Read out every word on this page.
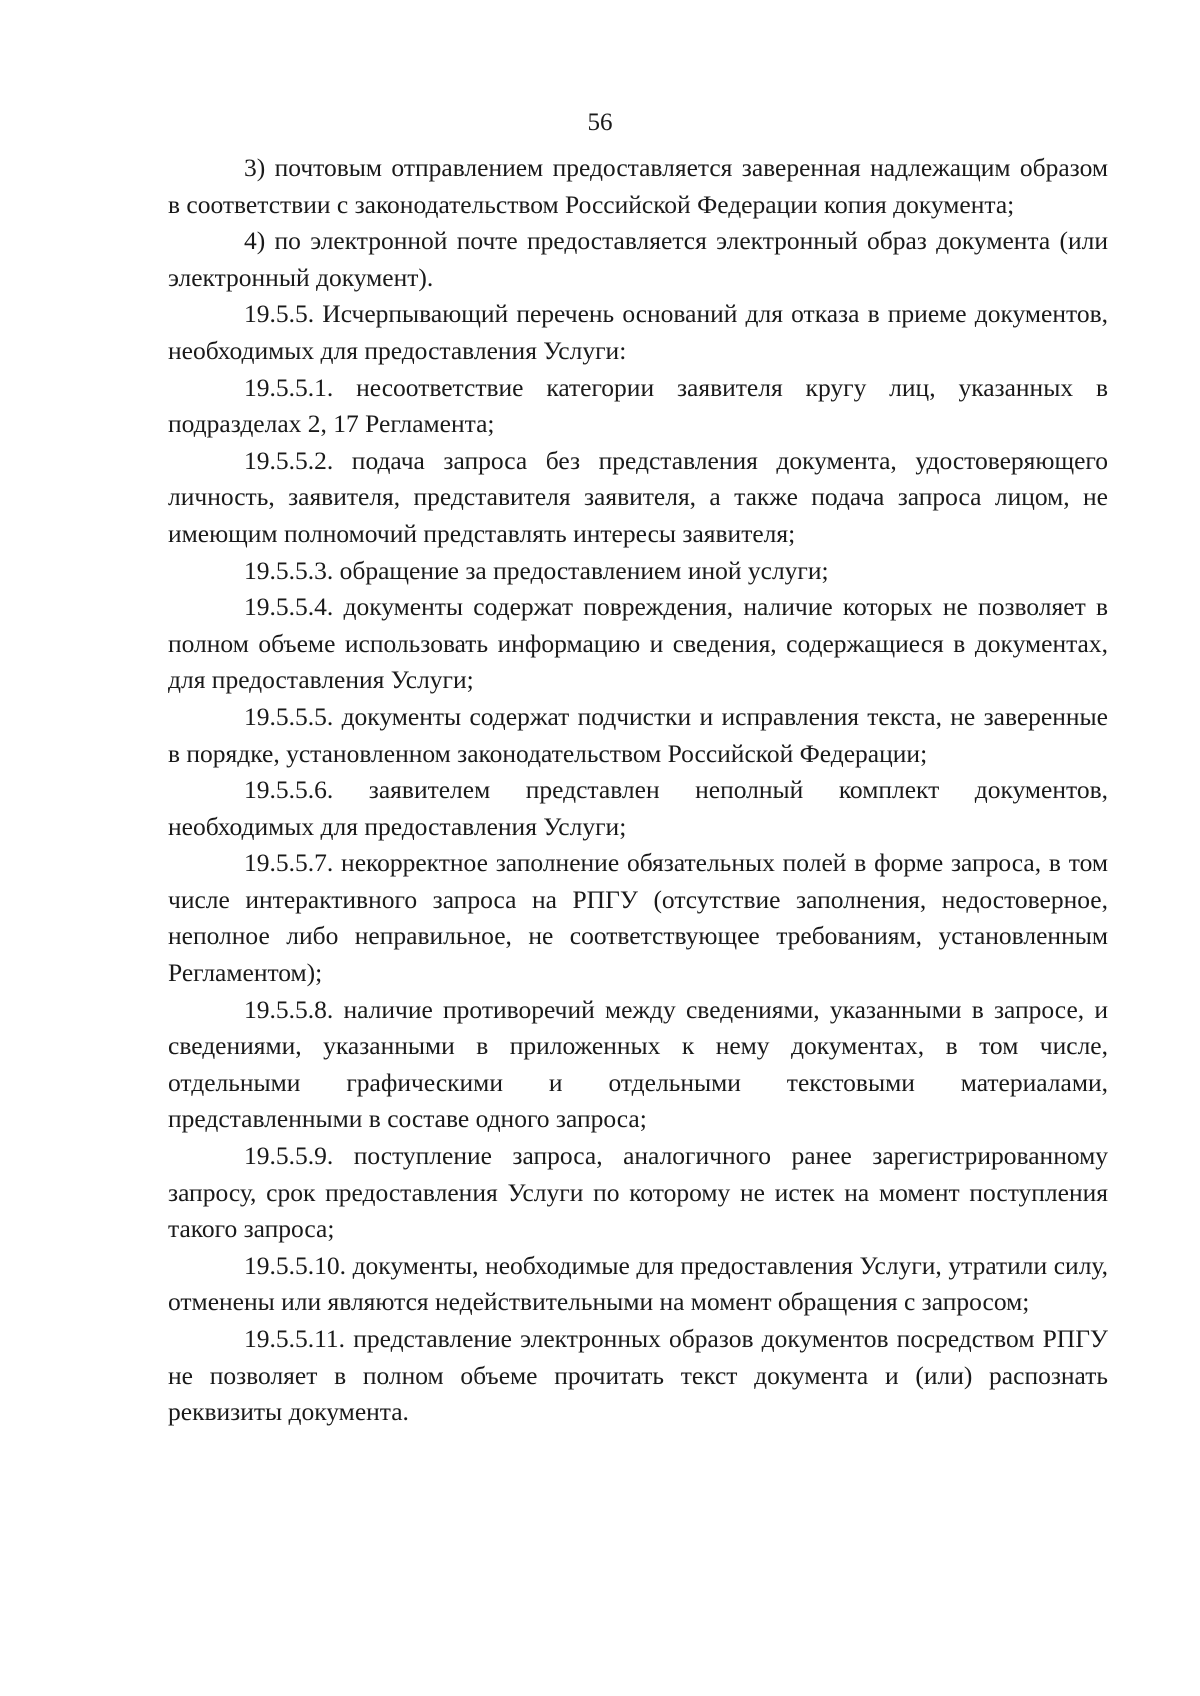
56

3) почтовым отправлением предоставляется заверенная надлежащим образом в соответствии с законодательством Российской Федерации копия документа;

4) по электронной почте предоставляется электронный образ документа (или электронный документ).

19.5.5. Исчерпывающий перечень оснований для отказа в приеме документов, необходимых для предоставления Услуги:

19.5.5.1. несоответствие категории заявителя кругу лиц, указанных в подразделах 2, 17 Регламента;

19.5.5.2. подача запроса без представления документа, удостоверяющего личность, заявителя, представителя заявителя, а также подача запроса лицом, не имеющим полномочий представлять интересы заявителя;

19.5.5.3. обращение за предоставлением иной услуги;

19.5.5.4. документы содержат повреждения, наличие которых не позволяет в полном объеме использовать информацию и сведения, содержащиеся в документах, для предоставления Услуги;

19.5.5.5. документы содержат подчистки и исправления текста, не заверенные в порядке, установленном законодательством Российской Федерации;

19.5.5.6. заявителем представлен неполный комплект документов, необходимых для предоставления Услуги;

19.5.5.7. некорректное заполнение обязательных полей в форме запроса, в том числе интерактивного запроса на РПГУ (отсутствие заполнения, недостоверное, неполное либо неправильное, не соответствующее требованиям, установленным Регламентом);

19.5.5.8. наличие противоречий между сведениями, указанными в запросе, и сведениями, указанными в приложенных к нему документах, в том числе, отдельными графическими и отдельными текстовыми материалами, представленными в составе одного запроса;

19.5.5.9. поступление запроса, аналогичного ранее зарегистрированному запросу, срок предоставления Услуги по которому не истек на момент поступления такого запроса;

19.5.5.10. документы, необходимые для предоставления Услуги, утратили силу, отменены или являются недействительными на момент обращения с запросом;

19.5.5.11. представление электронных образов документов посредством РПГУ не позволяет в полном объеме прочитать текст документа и (или) распознать реквизиты документа.
